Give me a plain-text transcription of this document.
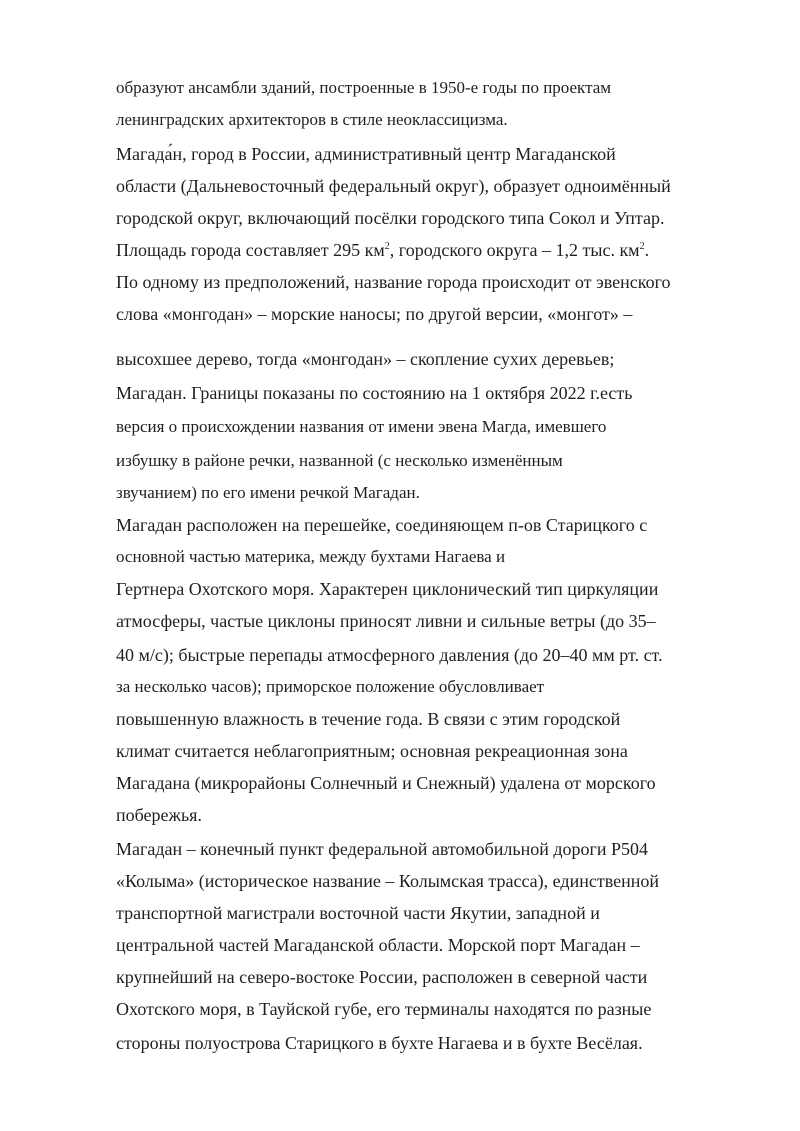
образуют ансамбли зданий, построенные в 1950-е годы по проектам

ленинградских архитекторов в стиле неоклассицизма.

Магада́н, город в России, административный центр Магаданской

области (Дальневосточный федеральный округ), образует одноимённый

городской округ, включающий посёлки городского типа Сокол и Уптар.

Площадь города составляет 295 $км^2$, городского округа – 1,2 тыс. $км^2$.

По одному из предположений, название города происходит от эвенского

слова «монгодан» – морские наносы; по другой версии, «монгот» –

высохшее дерево, тогда «монгодан» – скопление сухих деревьев;

Магадан. Границы показаны по состоянию на 1 октября 2022 г.есть

версия о происхождении названия от имени эвена Магда, имевшего

избушку в районе речки, названной (с несколько изменённым

звучанием) по его имени речкой Магадан.

Магадан расположен на перешейке, соединяющем п-ов Старицкого с

основной частью материка, между бухтами Нагаева и

Гертнера Охотского моря. Характерен циклонический тип циркуляции

атмосферы, частые циклоны приносят ливни и сильные ветры (до 35–

40 м/с); быстрые перепады атмосферного давления (до 20–40 мм рт. ст.

за несколько часов); приморское положение обусловливает

повышенную влажность в течение года. В связи с этим городской

климат считается неблагоприятным; основная рекреационная зона

Магадана (микрорайоны Солнечный и Снежный) удалена от морского

побережья.

Магадан – конечный пункт федеральной автомобильной дороги Р504

«Колыма» (историческое название – Колымская трасса), единственной

транспортной магистрали восточной части Якутии, западной и

центральной частей Магаданской области. Морской порт Магадан –

крупнейший на северо-востоке России, расположен в северной части

Охотского моря, в Тауйской губе, его терминалы находятся по разные

стороны полуострова Старицкого в бухте Нагаева и в бухте Весёлая.
